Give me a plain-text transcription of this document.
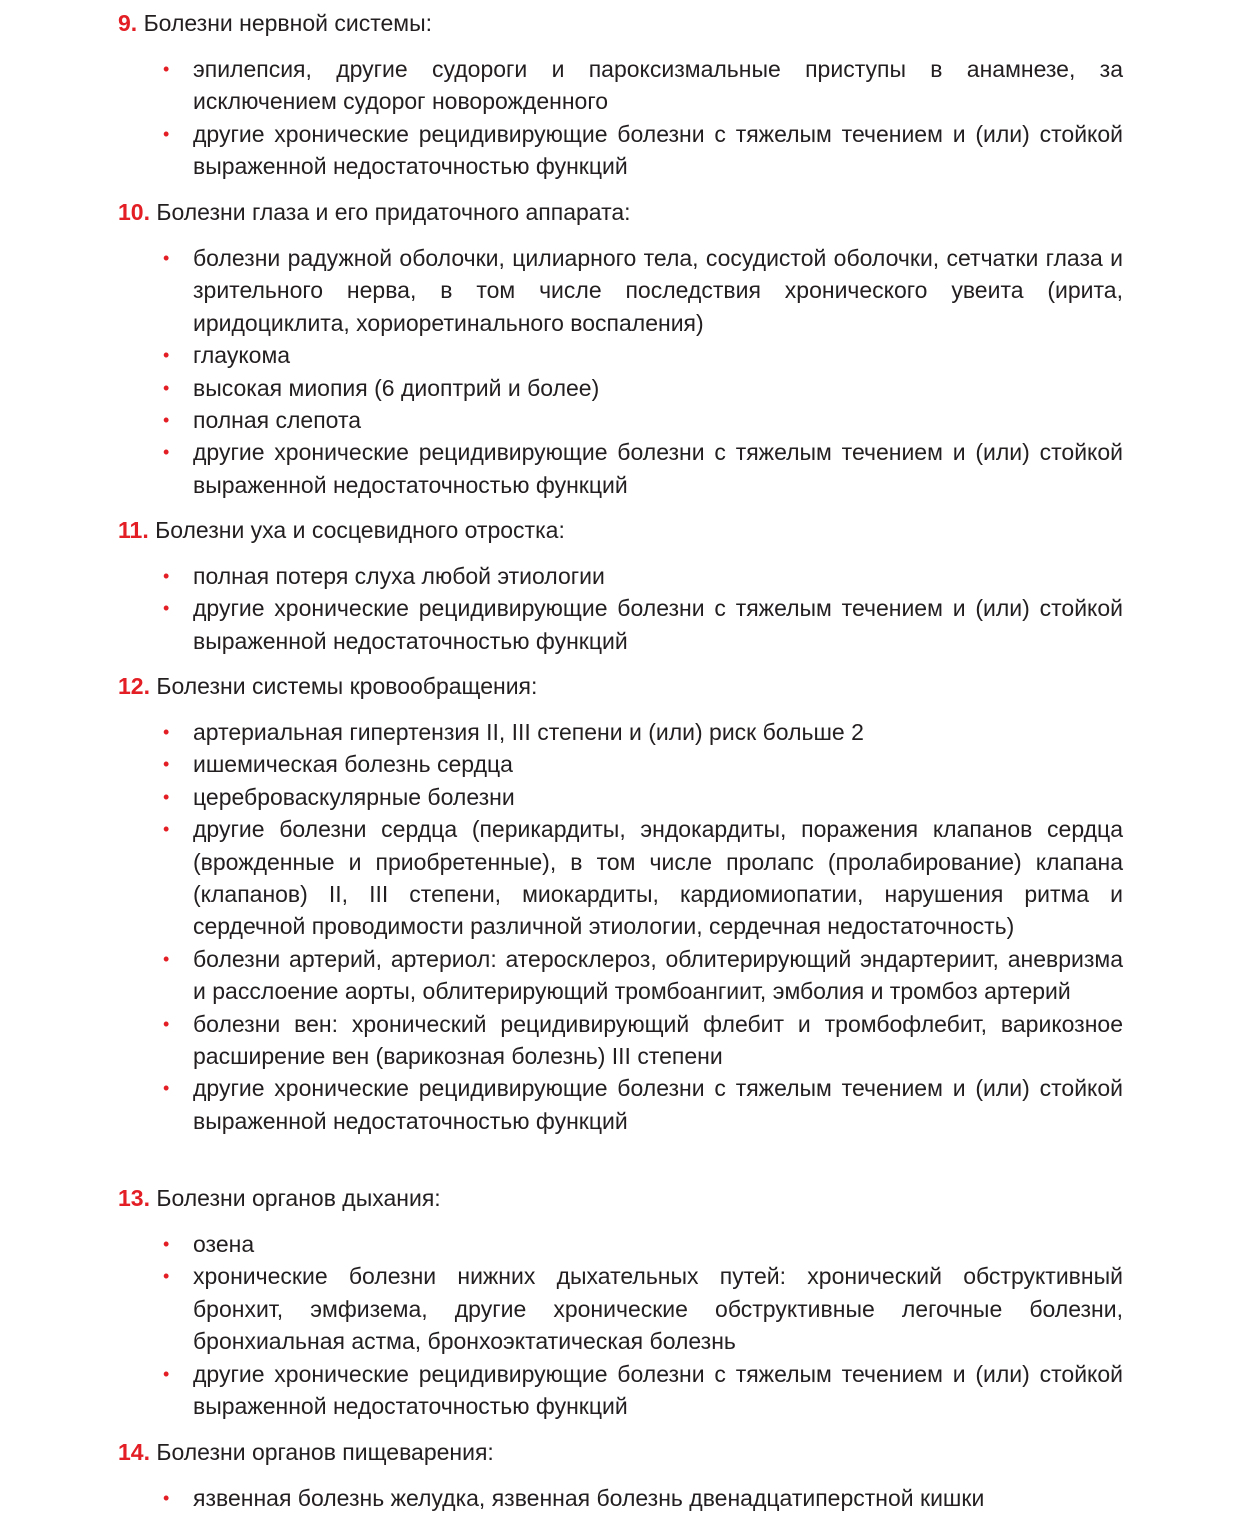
9. Болезни нервной системы:
• эпилепсия, другие судороги и пароксизмальные приступы в анамнезе, за исключением судорог новорожденного
• другие хронические рецидивирующие болезни с тяжелым течением и (или) стойкой выраженной недостаточностью функций
10. Болезни глаза и его придаточного аппарата:
• болезни радужной оболочки, цилиарного тела, сосудистой оболочки, сетчатки глаза и зрительного нерва, в том числе последствия хронического увеита (ирита, иридоциклита, хориоретинального воспаления)
• глаукома
• высокая миопия (6 диоптрий и более)
• полная слепота
• другие хронические рецидивирующие болезни с тяжелым течением и (или) стойкой выраженной недостаточностью функций
11. Болезни уха и сосцевидного отростка:
• полная потеря слуха любой этиологии
• другие хронические рецидивирующие болезни с тяжелым течением и (или) стойкой выраженной недостаточностью функций
12. Болезни системы кровообращения:
• артериальная гипертензия II, III степени и (или) риск больше 2
• ишемическая болезнь сердца
• цереброваскулярные болезни
• другие болезни сердца (перикардиты, эндокардиты, поражения клапанов сердца (врожденные и приобретенные), в том числе пролапс (пролабирование) клапана (клапанов) II, III степени, миокардиты, кардиомиопатии, нарушения ритма и сердечной проводимости различной этиологии, сердечная недостаточность)
• болезни артерий, артериол: атеросклероз, облитерирующий эндартериит, аневризма и расслоение аорты, облитерирующий тромбоангиит, эмболия и тромбоз артерий
• болезни вен: хронический рецидивирующий флебит и тромбофлебит, варикозное расширение вен (варикозная болезнь) III степени
• другие хронические рецидивирующие болезни с тяжелым течением и (или) стойкой выраженной недостаточностью функций
13. Болезни органов дыхания:
• озена
• хронические болезни нижних дыхательных путей: хронический обструктивный бронхит, эмфизема, другие хронические обструктивные легочные болезни, бронхиальная астма, бронхоэктатическая болезнь
• другие хронические рецидивирующие болезни с тяжелым течением и (или) стойкой выраженной недостаточностью функций
14. Болезни органов пищеварения:
• язвенная болезнь желудка, язвенная болезнь двенадцатиперстной кишки
